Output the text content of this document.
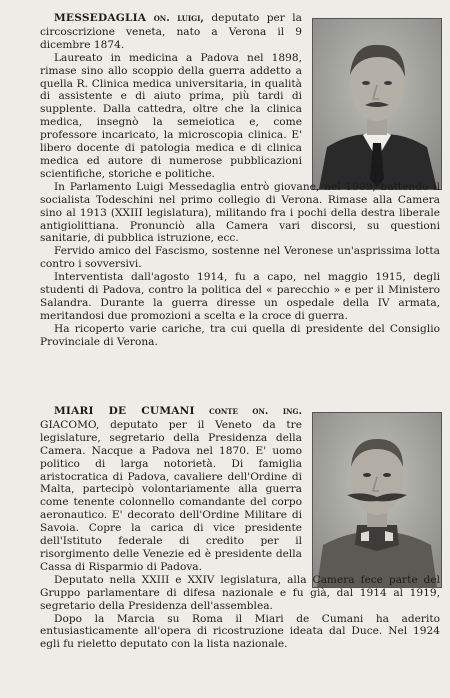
MESSEDAGLIA on. luigi, deputato per la circoscrizione veneta, nato a Verona il 9 dicembre 1874.

Laureato in medicina a Padova nel 1898, rimase sino allo scoppio della guerra addetto a quella R. Clinica medica universitaria, in qualità di assistente e di aiuto prima, più tardi di supplente. Dalla cattedra, oltre che la clinica medica, insegnò la semeiotica e, come professore incaricato, la microscopia clinica. E' libero docente di patologia medica e di clinica medica ed autore di numerose pubblicazioni scientifiche, storiche e politiche.

In Parlamento Luigi Messedaglia entrò giovane, nel 1909, battendo il socialista Todeschini nel primo collegio di Verona. Rimase alla Camera sino al 1913 (XXIII legislatura), militando fra i pochi della destra liberale antigiolittiana. Pronunciò alla Camera vari discorsi, su questioni sanitarie, di pubblica istruzione, ecc.

Fervido amico del Fascismo, sostenne nel Veronese un'asprissima lotta contro i sovversivi.

Interventista dall'agosto 1914, fu a capo, nel maggio 1915, degli studenti di Padova, contro la politica del « parecchio » e per il Ministero Salandra. Durante la guerra diresse un ospedale della IV armata, meritandosi due promozioni a scelta e la croce di guerra.

Ha ricoperto varie cariche, tra cui quella di presidente del Consiglio Provinciale di Verona.

MIARI DE CUMANI conte on. ing. GIACOMO, deputato per il Veneto da tre legislature, segretario della Presidenza della Camera. Nacque a Padova nel 1870. E' uomo politico di larga notorietà. Di famiglia aristocratica di Padova, cavaliere dell'Ordine di Malta, partecipò volontariamente alla guerra come tenente colonnello comandante del corpo aeronautico. E' decorato dell'Ordine Militare di Savoia. Copre la carica di vice presidente dell'Istituto federale di credito per il risorgimento delle Venezie ed è presidente della Cassa di Risparmio di Padova.

Deputato nella XXIII e XXIV legislatura, alla Camera fece parte del Gruppo parlamentare di difesa nazionale e fu già, dal 1914 al 1919, segretario della Presidenza dell'assemblea.

Dopo la Marcia su Roma il Miari de Cumani ha aderito entusiasticamente all'opera di ricostruzione ideata dal Duce. Nel 1924 egli fu rieletto deputato con la lista nazionale.
